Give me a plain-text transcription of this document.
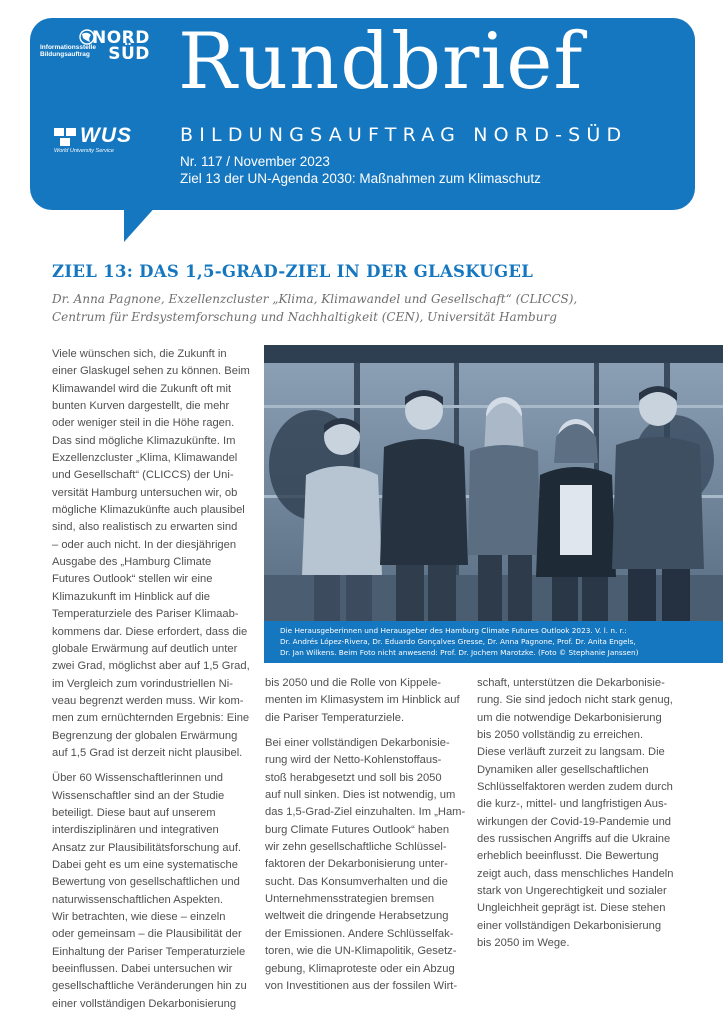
NORD
SÜD
Informationsstelle
Bildungsauftrag
WUS
World University Service
Rundbrief
BILDUNGSAUFTRAG NORD-SÜD
Nr. 117 / November 2023
Ziel 13 der UN-Agenda 2030: Maßnahmen zum Klimaschutz
ZIEL 13: DAS 1,5-GRAD-ZIEL IN DER GLASKUGEL
Dr. Anna Pagnone, Exzellenzcluster „Klima, Klimawandel und Gesellschaft“ (CLICCS),
Centrum für Erdsystemforschung und Nachhaltigkeit (CEN), Universität Hamburg

Viele wünschen sich, die Zukunft in

einer Glaskugel sehen zu können. Beim

Klimawandel wird die Zukunft oft mit

bunten Kurven dargestellt, die mehr

oder weniger steil in die Höhe ragen.

Das sind mögliche Klimazukünfte. Im

Exzellenzcluster „Klima, Klimawandel

und Gesellschaft“ (CLICCS) der Uni-

versität Hamburg untersuchen wir, ob

mögliche Klimazukünfte auch plausibel

sind, also realistisch zu erwarten sind

– oder auch nicht. In der diesjährigen

Ausgabe des „Hamburg Climate

Futures Outlook“ stellen wir eine

Klimazukunft im Hinblick auf die

Temperaturziele des Pariser Klimaab-

kommens dar. Diese erfordert, dass die

globale Erwärmung auf deutlich unter

zwei Grad, möglichst aber auf 1,5 Grad,

im Vergleich zum vorindustriellen Ni-

veau begrenzt werden muss. Wir kom-

men zum ernüchternden Ergebnis: Eine

Begrenzung der globalen Erwärmung

auf 1,5 Grad ist derzeit nicht plausibel.

Über 60 Wissenschaftlerinnen und

Wissenschaftler sind an der Studie

beteiligt. Diese baut auf unserem

interdisziplinären und integrativen

Ansatz zur Plausibilitätsforschung auf.

Dabei geht es um eine systematische

Bewertung von gesellschaftlichen und

naturwissenschaftlichen Aspekten.

Wir betrachten, wie diese – einzeln

oder gemeinsam – die Plausibilität der

Einhaltung der Pariser Temperaturziele

beeinflussen. Dabei untersuchen wir

gesellschaftliche Veränderungen hin zu

einer vollständigen Dekarbonisierung

bis 2050 und die Rolle von Kippele-

menten im Klimasystem im Hinblick auf

die Pariser Temperaturziele.

Bei einer vollständigen Dekarbonisie-

rung wird der Netto-Kohlenstoffaus-

stoß herabgesetzt und soll bis 2050

auf null sinken. Dies ist notwendig, um

das 1,5-Grad-Ziel einzuhalten. Im „Ham-

burg Climate Futures Outlook“ haben

wir zehn gesellschaftliche Schlüssel-

faktoren der Dekarbonisierung unter-

sucht. Das Konsumverhalten und die

Unternehmensstrategien bremsen

weltweit die dringende Herabsetzung

der Emissionen. Andere Schlüsselfak-

toren, wie die UN-Klimapolitik, Gesetz-

gebung, Klimaproteste oder ein Abzug

von Investitionen aus der fossilen Wirt-

schaft, unterstützen die Dekarbonisie-

rung. Sie sind jedoch nicht stark genug,

um die notwendige Dekarbonisierung

bis 2050 vollständig zu erreichen.

Diese verläuft zurzeit zu langsam. Die

Dynamiken aller gesellschaftlichen

Schlüsselfaktoren werden zudem durch

die kurz-, mittel- und langfristigen Aus-

wirkungen der Covid-19-Pandemie und

des russischen Angriffs auf die Ukraine

erheblich beeinflusst. Die Bewertung

zeigt auch, dass menschliches Handeln

stark von Ungerechtigkeit und sozialer

Ungleichheit geprägt ist. Diese stehen

einer vollständigen Dekarbonisierung

bis 2050 im Wege.

Die Herausgeberinnen und Herausgeber des Hamburg Climate Futures Outlook 2023. V. l. n. r.:

Dr. Andrés López-Rivera, Dr. Eduardo Gonçalves Gresse, Dr. Anna Pagnone, Prof. Dr. Anita Engels,

Dr. Jan Wilkens. Beim Foto nicht anwesend: Prof. Dr. Jochem Marotzke. (Foto © Stephanie Janssen)
